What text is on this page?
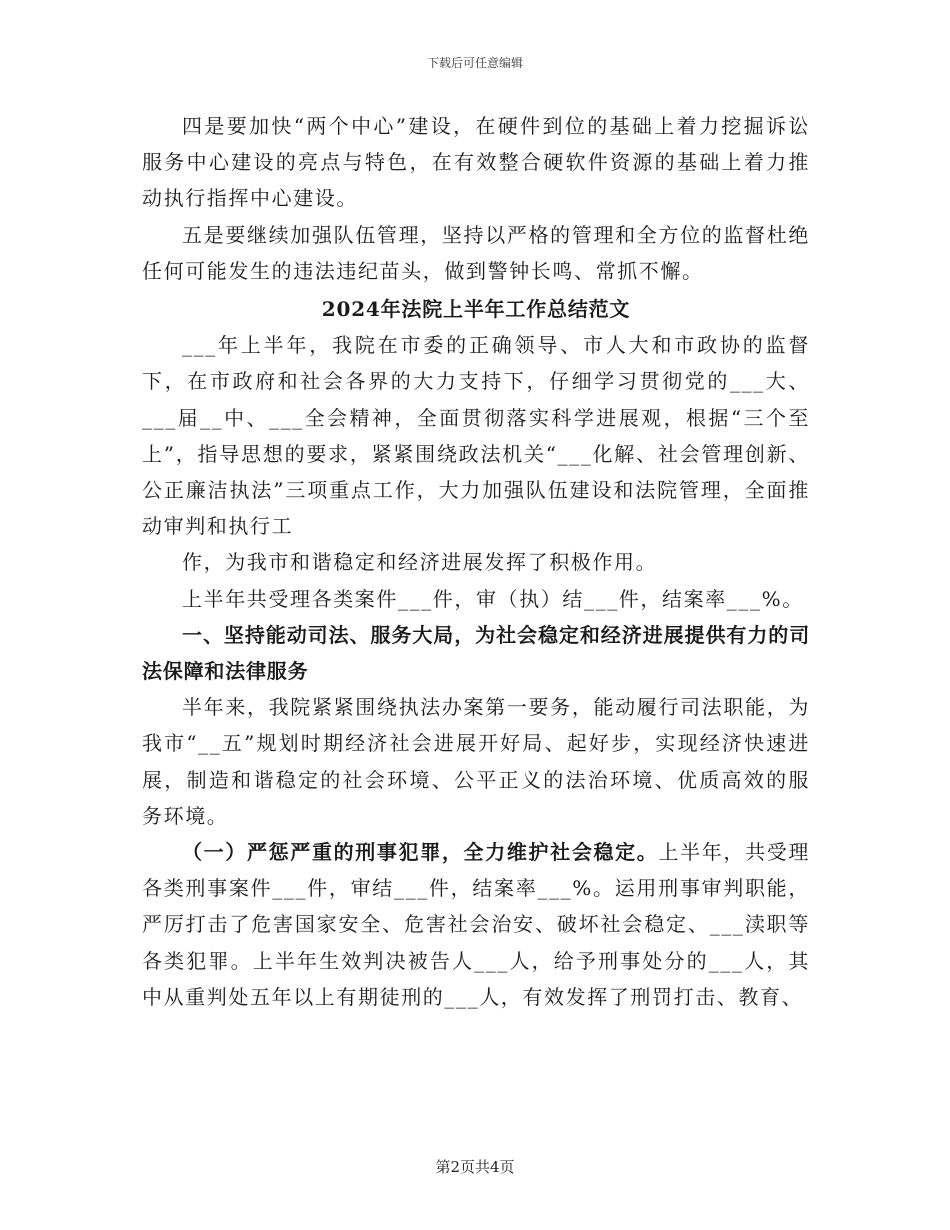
下载后可任意编辑

四是要加快“两个中心”建设，在硬件到位的基础上着力挖掘诉讼服务中心建设的亮点与特色，在有效整合硬软件资源的基础上着力推动执行指挥中心建设。

五是要继续加强队伍管理，坚持以严格的管理和全方位的监督杜绝任何可能发生的违法违纪苗头，做到警钟长鸣、常抓不懈。

2024年法院上半年工作总结范文

___年上半年，我院在市委的正确领导、市人大和市政协的监督下，在市政府和社会各界的大力支持下，仔细学习贯彻党的___大、___届__中、___全会精神，全面贯彻落实科学进展观，根据“三个至上”，指导思想的要求，紧紧围绕政法机关“___化解、社会管理创新、公正廉洁执法”三项重点工作，大力加强队伍建设和法院管理，全面推动审判和执行工

作，为我市和谐稳定和经济进展发挥了积极作用。

上半年共受理各类案件___件，审（执）结___件，结案率___%。

一、坚持能动司法、服务大局，为社会稳定和经济进展提供有力的司法保障和法律服务

半年来，我院紧紧围绕执法办案第一要务，能动履行司法职能，为我市“__五”规划时期经济社会进展开好局、起好步，实现经济快速进展，制造和谐稳定的社会环境、公平正义的法治环境、优质高效的服务环境。

（一）严惩严重的刑事犯罪，全力维护社会稳定。上半年，共受理各类刑事案件___件，审结___件，结案率___%。运用刑事审判职能，严厉打击了危害国家安全、危害社会治安、破坏社会稳定、___渎职等各类犯罪。上半年生效判决被告人___人，给予刑事处分的___人，其中从重判处五年以上有期徒刑的___人，有效发挥了刑罚打击、教育、

第2页共4页
